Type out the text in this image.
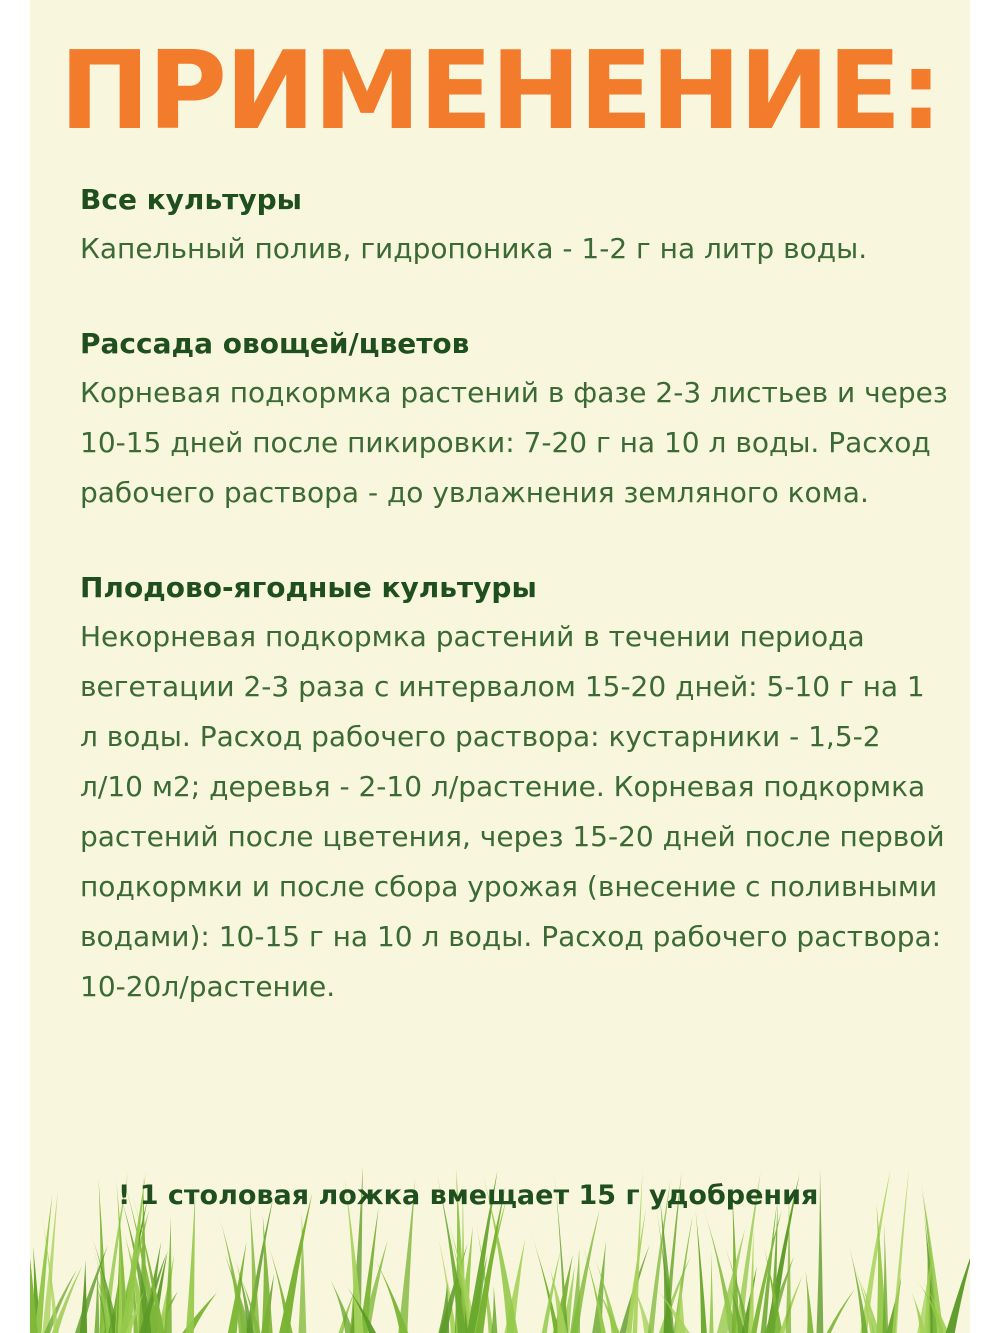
ПРИМЕНЕНИЕ:

Все культуры

Капельный полив, гидропоника - 1-2 г на литр воды.

Рассада овощей/цветов

Корневая подкормка растений в фазе 2-3 листьев и через 10-15 дней после пикировки: 7-20 г на 10 л воды. Расход рабочего раствора - до увлажнения земляного кома.

Плодово-ягодные культуры

Некорневая подкормка растений в течении периода вегетации 2-3 раза с интервалом 15-20 дней: 5-10 г на 1 л воды. Расход рабочего раствора: кустарники - 1,5-2 л/10 м2; деревья - 2-10 л/растение. Корневая подкормка растений после цветения, через 15-20 дней после первой подкормки и после сбора урожая (внесение с поливными водами): 10-15 г на 10 л воды. Расход рабочего раствора: 10-20л/растение.

! 1 столовая ложка вмещает 15 г удобрения
